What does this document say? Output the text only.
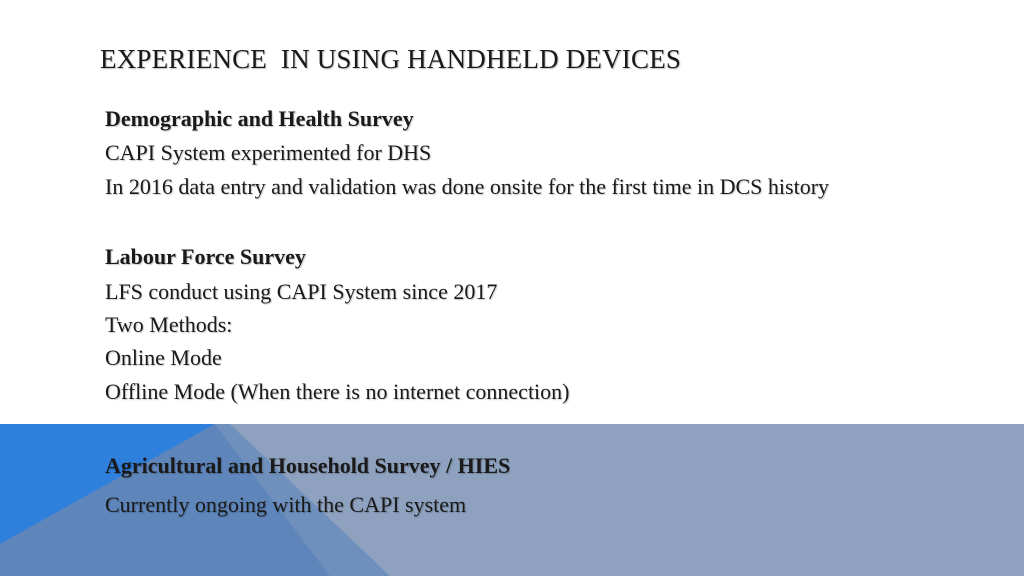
EXPERIENCE  IN USING HANDHELD DEVICES
Demographic and Health Survey
CAPI System experimented for DHS
In 2016 data entry and validation was done onsite for the first time in DCS history
Labour Force Survey
LFS conduct using CAPI System since 2017
Two Methods:
Online Mode
Offline Mode (When there is no internet connection)
Agricultural and Household Survey / HIES
Currently ongoing with the CAPI system
